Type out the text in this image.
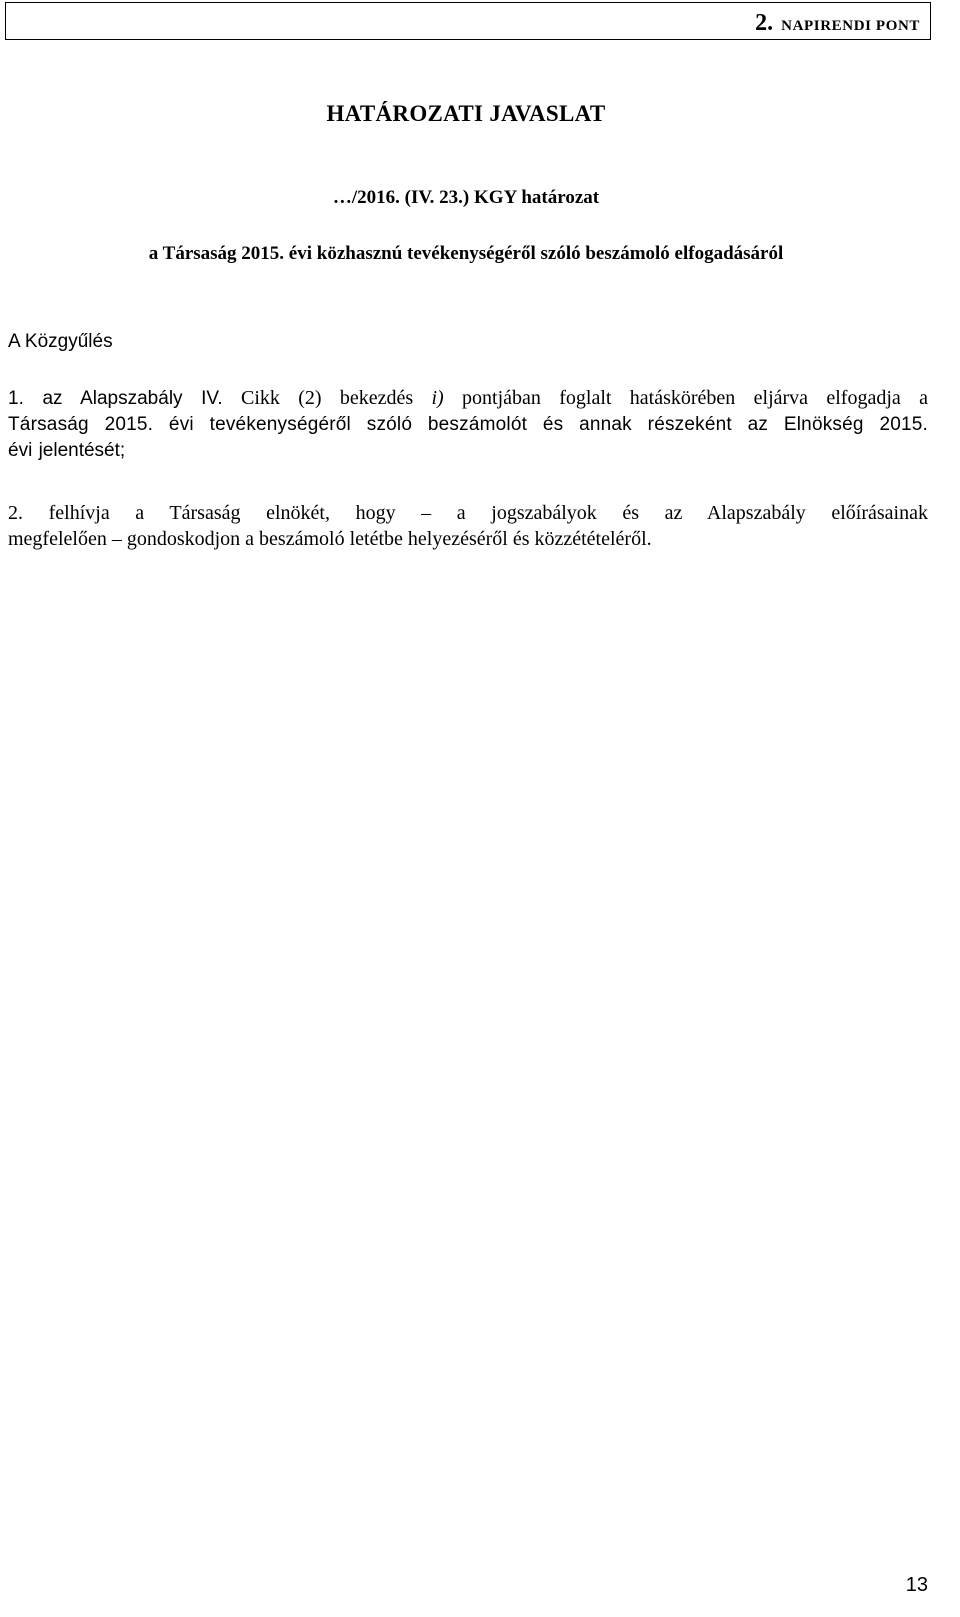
2. NAPIRENDI PONT
HATÁROZATI JAVASLAT
…/2016. (IV. 23.) KGY határozat
a Társaság 2015. évi közhasznú tevékenységéről szóló beszámoló elfogadásáról
A Közgyűlés
1. az Alapszabály IV. Cikk (2) bekezdés i) pontjában foglalt hatáskörében eljárva elfogadja a
Társaság 2015. évi tevékenységéről szóló beszámolót és annak részeként az Elnökség 2015.
évi jelentését;
2. felhívja a Társaság elnökét, hogy – a jogszabályok és az Alapszabály előírásainak
megfelelően – gondoskodjon a beszámoló letétbe helyezéséről és közzétételéről.
13
